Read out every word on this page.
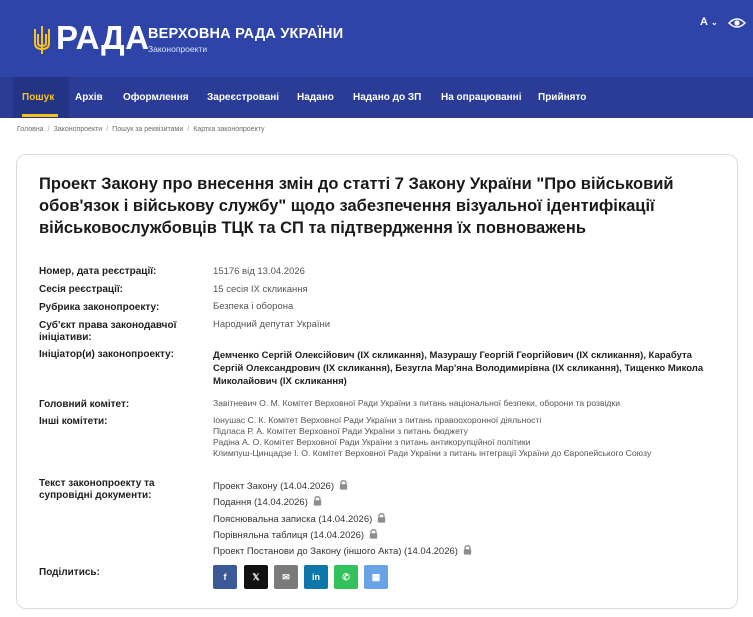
РАДА
ВЕРХОВНА РАДА УКРАЇНИ
Законопроекти
A ⌄
Пошук Архів Оформлення Зареєстровані Надано Надано до ЗП На опрацюванні Прийнято
Головна / Законопроекти / Пошук за реквізитами / Картка законопроекту
Проект Закону про внесення змін до статті 7 Закону України "Про військовий обов'язок і військову службу" щодо забезпечення візуальної ідентифікації військовослужбовців ТЦК та СП та підтвердження їх повноважень
Номер, дата реєстрації:	15176 від 13.04.2026
Сесія реєстрації:	15 сесія IX скликання
Рубрика законопроекту:	Безпека і оборона
Суб'єкт права законодавчої ініціативи:
Народний депутат України
Ініціатор(и) законопроекту:	Демченко Сергій Олексійович (IX скликання), Мазурашу Георгій Георгійович (IX скликання), Карабута Сергій Олександрович (IX скликання), Безугла Мар'яна Володимирівна (IX скликання), Тищенко Микола Миколайович (IX скликання)
Головний комітет:	Завітневич О. М. Комітет Верховної Ради України з питань національної безпеки, оборони та розвідки
Інші комітети:	Іонушас С. К. Комітет Верховної Ради України з питань правоохоронної діяльності
Підласа Р. А. Комітет Верховної Ради України з питань бюджету
Радіна А. О. Комітет Верховної Ради України з питань антикорупційної політики
Климпуш-Цинцадзе І. О. Комітет Верховної Ради України з питань інтеграції України до Європейського Союзу
Текст законопроекту та супровідні документи:
Проект Закону (14.04.2026)
Подання (14.04.2026)
Пояснювальна записка (14.04.2026)
Порівняльна таблиця (14.04.2026)
Проект Постанови до Закону (іншого Акта) (14.04.2026)
Поділитись:	f	𝕏	✉ in ✆ ▦
